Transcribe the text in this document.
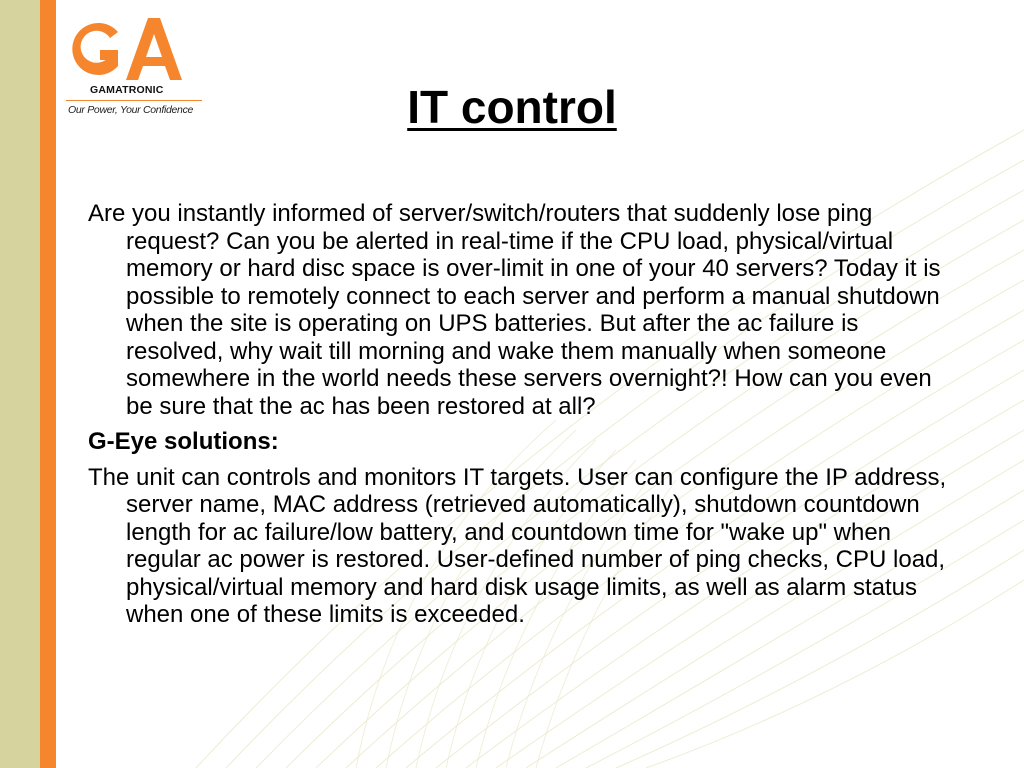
GAMATRONIC
Our Power, Your Confidence	IT control

Are you instantly informed of server/switch/routers that suddenly lose ping request? Can you be alerted in real-time if the CPU load, physical/virtual memory or hard disc space is over-limit in one of your 40 servers? Today it is possible to remotely connect to each server and perform a manual shutdown when the site is operating on UPS batteries. But after the ac failure is resolved, why wait till morning and wake them manually when someone somewhere in the world needs these servers overnight?! How can you even be sure that the ac has been restored at all?

G-Eye solutions:

The unit can controls and monitors IT targets. User can configure the IP address, server name, MAC address (retrieved automatically), shutdown countdown length for ac failure/low battery, and countdown time for "wake up" when regular ac power is restored. User-defined number of ping checks, CPU load, physical/virtual memory and hard disk usage limits, as well as alarm status when one of these limits is exceeded.
